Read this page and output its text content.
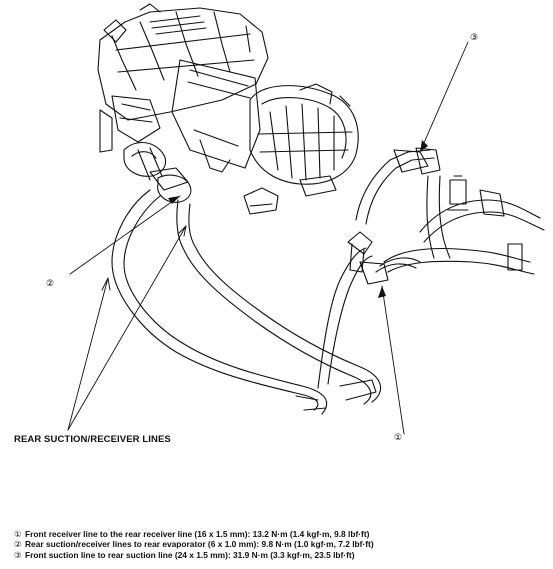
③
②
①
REAR SUCTION/RECEIVER LINES
① Front receiver line to the rear receiver line (16 x 1.5 mm): 13.2 N·m (1.4 kgf·m, 9.8 lbf·ft)
② Rear suction/receiver lines to rear evaporator (6 x 1.0 mm): 9.8 N·m (1.0 kgf·m, 7.2 lbf·ft)
③ Front suction line to rear suction line (24 x 1.5 mm): 31.9 N·m (3.3 kgf·m, 23.5 lbf·ft)
